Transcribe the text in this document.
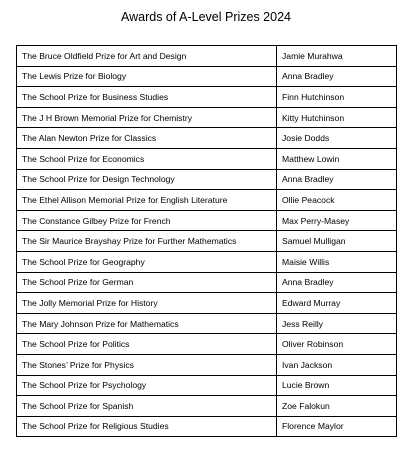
Awards of A-Level Prizes 2024
The Bruce Oldfield Prize for Art and Design	Jamie Murahwa
The Lewis Prize for Biology	Anna Bradley
The School Prize for Business Studies	Finn Hutchinson
The J H Brown Memorial Prize for Chemistry	Kitty Hutchinson
The Alan Newton Prize for Classics	Josie Dodds
The School Prize for Economics	Matthew Lowin
The School Prize for Design Technology	Anna Bradley
The Ethel Allison Memorial Prize for English Literature	Ollie Peacock
The Constance Gilbey Prize for French	Max Perry-Masey
The Sir Maurice Brayshay Prize for Further Mathematics	Samuel Mulligan
The School Prize for Geography	Maisie Willis
The School Prize for German	Anna Bradley
The Jolly Memorial Prize for History	Edward Murray
The Mary Johnson Prize for Mathematics	Jess Reilly
The School Prize for Politics	Oliver Robinson
The Stones’ Prize for Physics	Ivan Jackson
The School Prize for Psychology	Lucie Brown
The School Prize for Spanish	Zoe Falokun
The School Prize for Religious Studies	Florence Maylor
